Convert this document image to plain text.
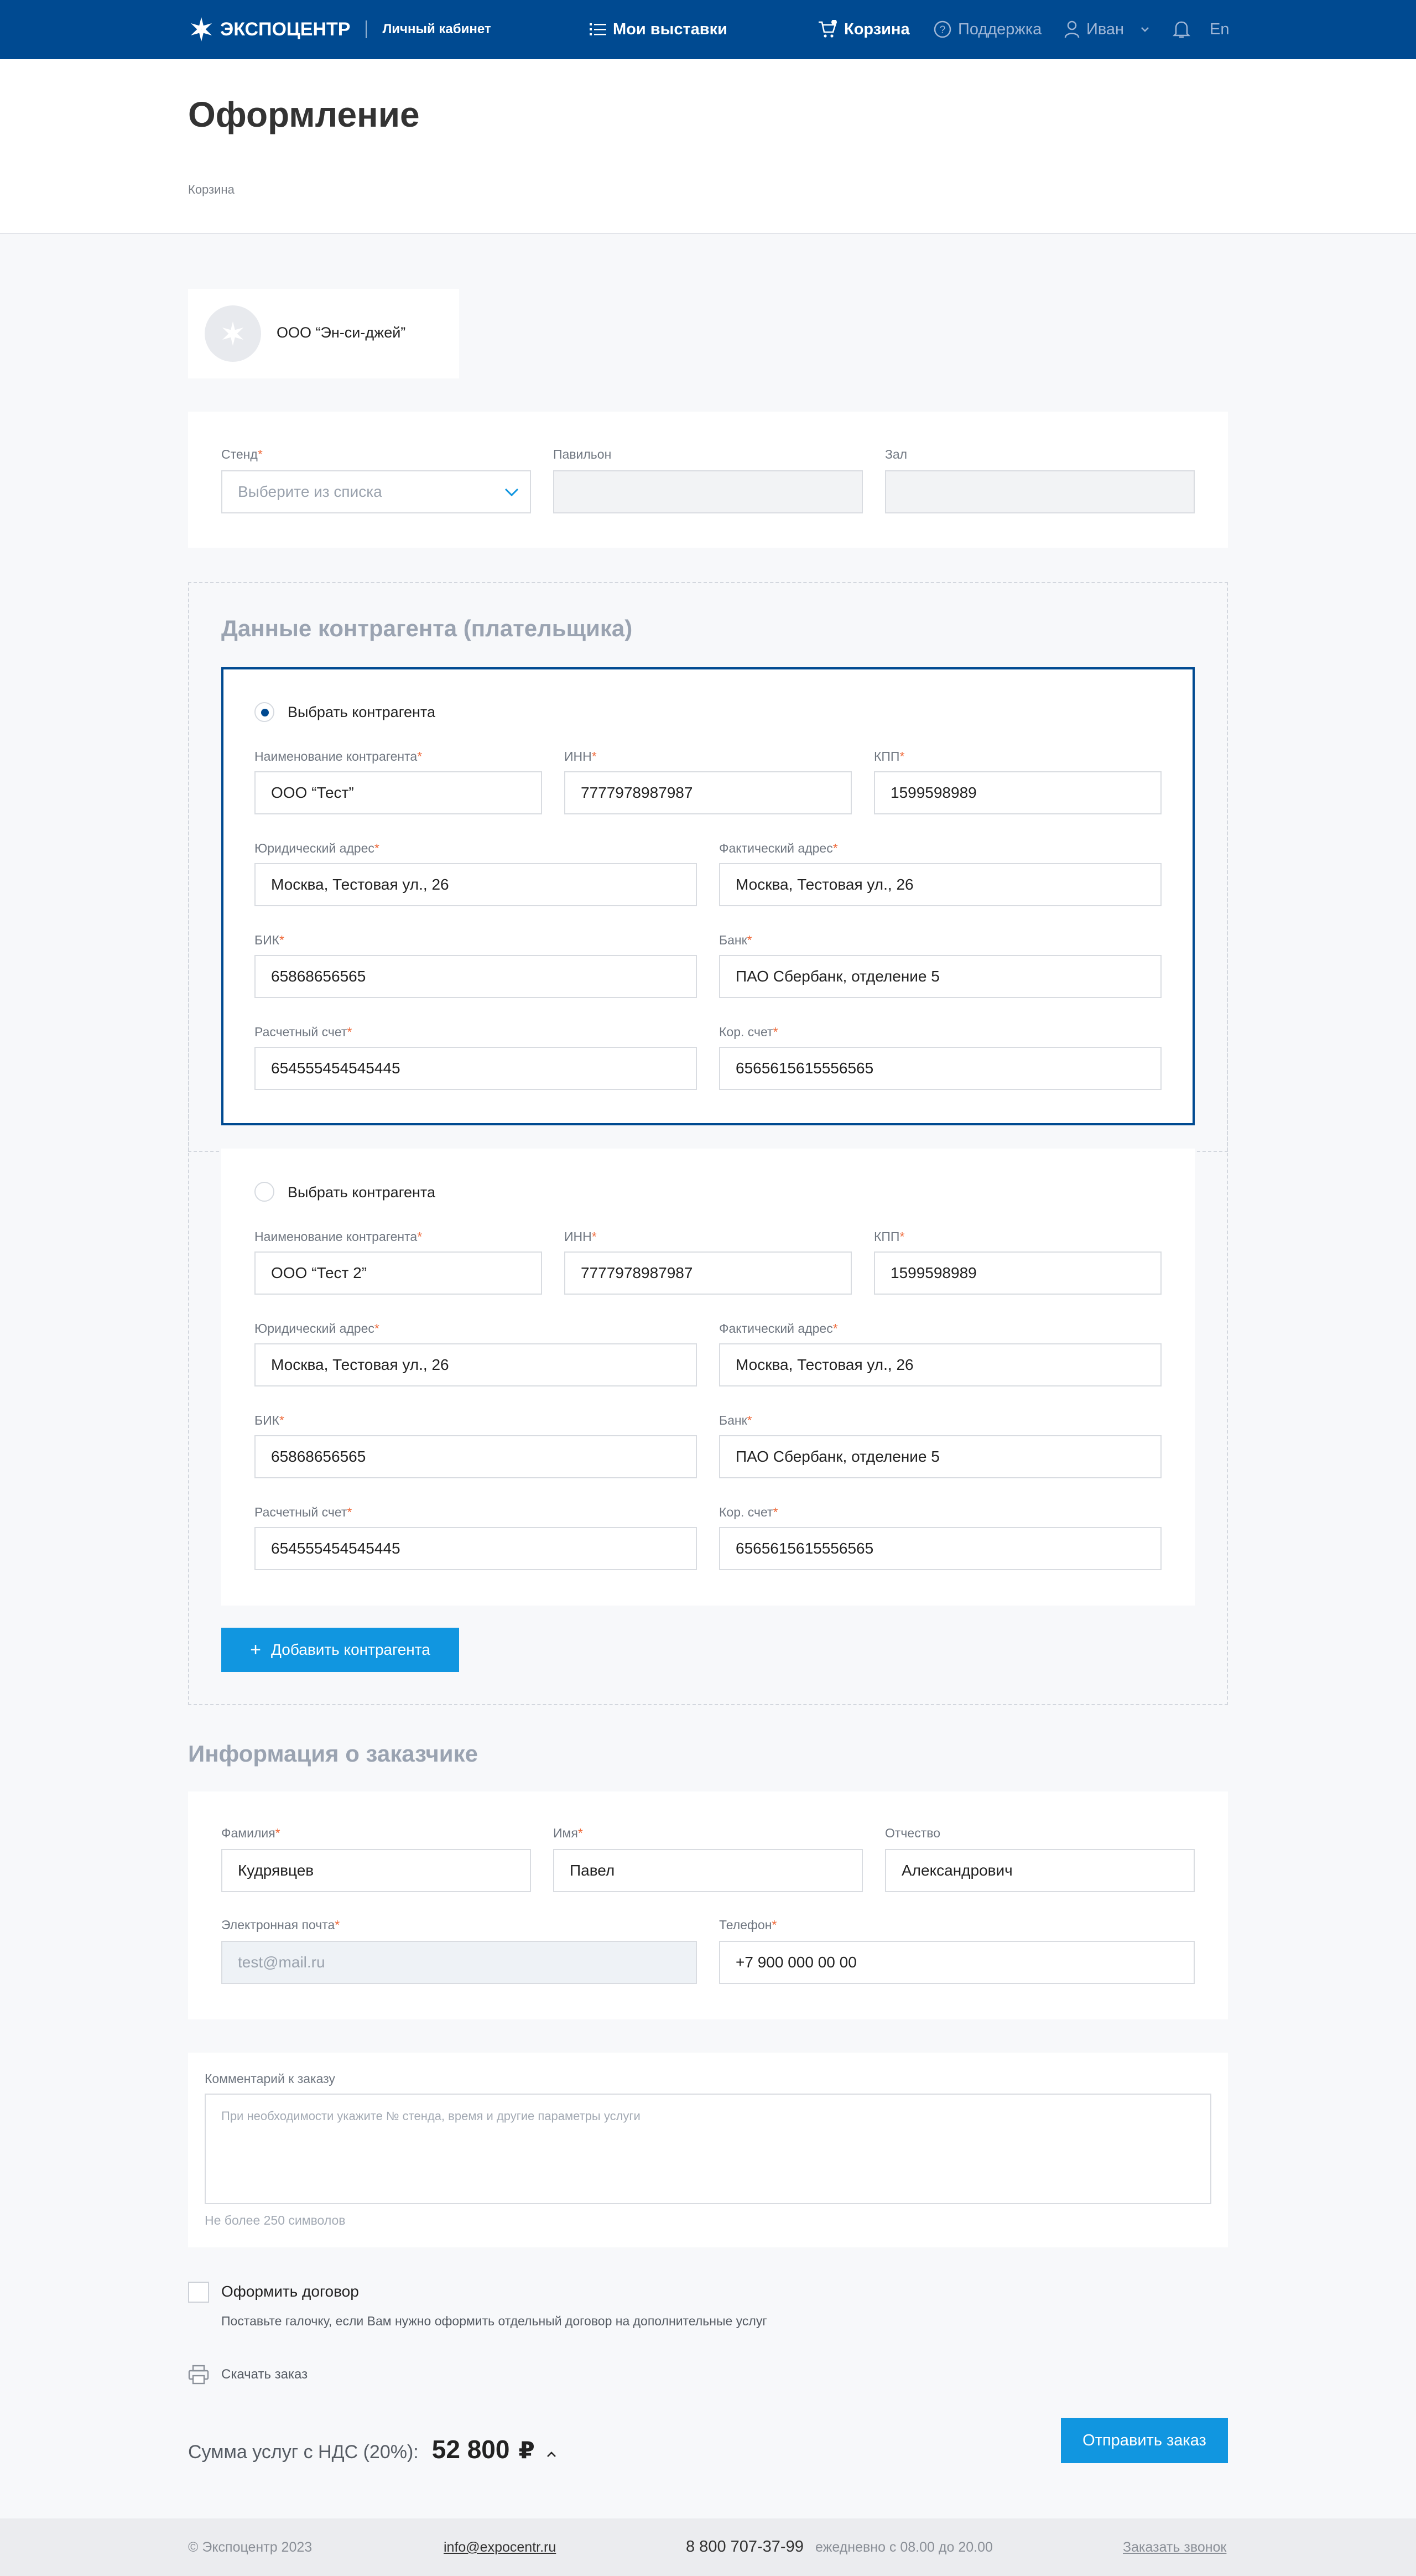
ЭКСПОЦЕНТР Личный кабинет	Мои выставки	Корзина	? Поддержка	Иван	En
Оформление
Корзина
ООО “Эн-си-джей”
Стенд*
Выберите из списка
Павильон	Зал
Данные контрагента (плательщика)
Выбрать контрагента
Наименование контрагента*
ООО “Тест”
ИНН*
7777978987987
КПП*
1599598989
Юридический адрес*
Москва, Тестовая ул., 26
Фактический адрес*
Москва, Тестовая ул., 26
БИК*
65868656565
Банк*
ПАО Сбербанк, отделение 5
Расчетный счет*
654555454545445
Кор. счет*
6565615615556565
Выбрать контрагента
Наименование контрагента*
ООО “Тест 2”
ИНН*
7777978987987
КПП*
1599598989
Юридический адрес*
Москва, Тестовая ул., 26
Фактический адрес*
Москва, Тестовая ул., 26
БИК*
65868656565
Банк*
ПАО Сбербанк, отделение 5
Расчетный счет*
654555454545445
Кор. счет*
6565615615556565
+ Добавить контрагента
Информация о заказчике
Фамилия*
Кудрявцев
Имя*
Павел
Отчество
Александрович
Электронная почта*
test@mail.ru
Телефон*
+7 900 000 00 00
Комментарий к заказу
При необходимости укажите № стенда, время и другие параметры услуги
Не более 250 символов
Оформить договор
Поставьте галочку, если Вам нужно оформить отдельный договор на дополнительные услуг
Скачать заказ
Сумма услуг с НДС (20%): 52 800 ₽	Отправить заказ
© Экспоцентр 2023	info@expocentr.ru	8 800 707-37-99 ежедневно с 08.00 до 20.00	Заказать звонок
